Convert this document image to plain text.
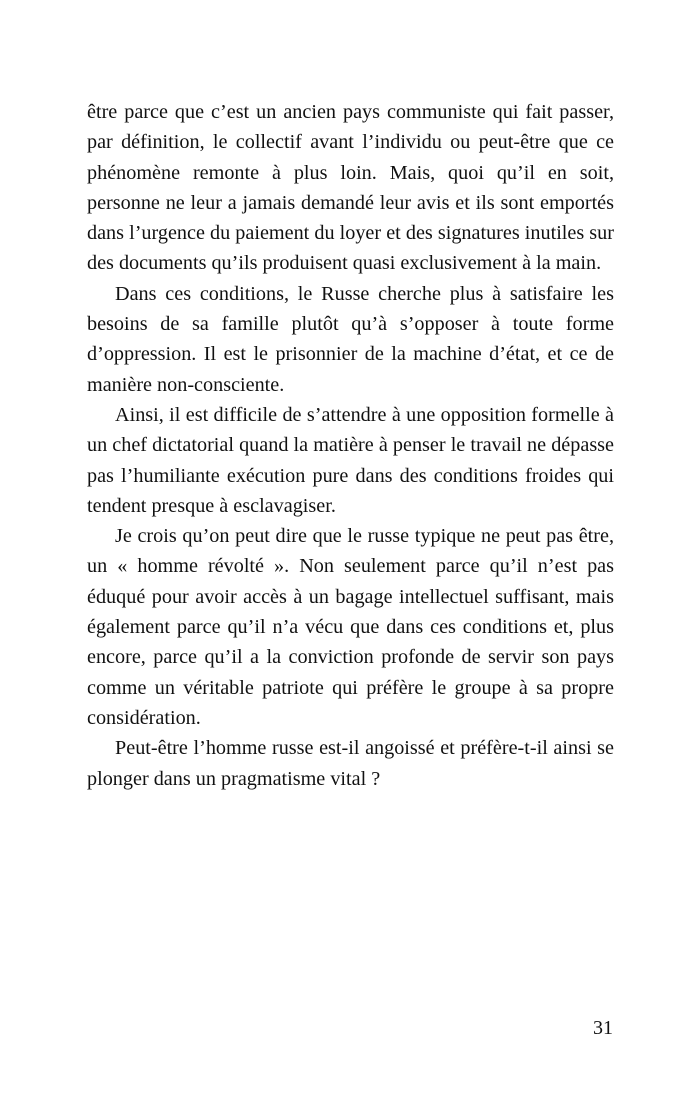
être parce que c’est un ancien pays communiste qui fait passer, par définition, le collectif avant l’individu ou peut-être que ce phénomène remonte à plus loin. Mais, quoi qu’il en soit, personne ne leur a jamais demandé leur avis et ils sont emportés dans l’urgence du paiement du loyer et des signatures inutiles sur des documents qu’ils produisent quasi exclusivement à la main.

Dans ces conditions, le Russe cherche plus à satisfaire les besoins de sa famille plutôt qu’à s’opposer à toute forme d’oppression. Il est le prisonnier de la machine d’état, et ce de manière non-consciente.

Ainsi, il est difficile de s’attendre à une opposition formelle à un chef dictatorial quand la matière à penser le travail ne dépasse pas l’humiliante exécution pure dans des conditions froides qui tendent presque à esclavagiser.

Je crois qu’on peut dire que le russe typique ne peut pas être, un « homme révolté ». Non seulement parce qu’il n’est pas éduqué pour avoir accès à un bagage intellectuel suffisant, mais également parce qu’il n’a vécu que dans ces conditions et, plus encore, parce qu’il a la conviction profonde de servir son pays comme un véritable patriote qui préfère le groupe à sa propre considération.

Peut-être l’homme russe est-il angoissé et préfère-t-il ainsi se plonger dans un pragmatisme vital ?

31
